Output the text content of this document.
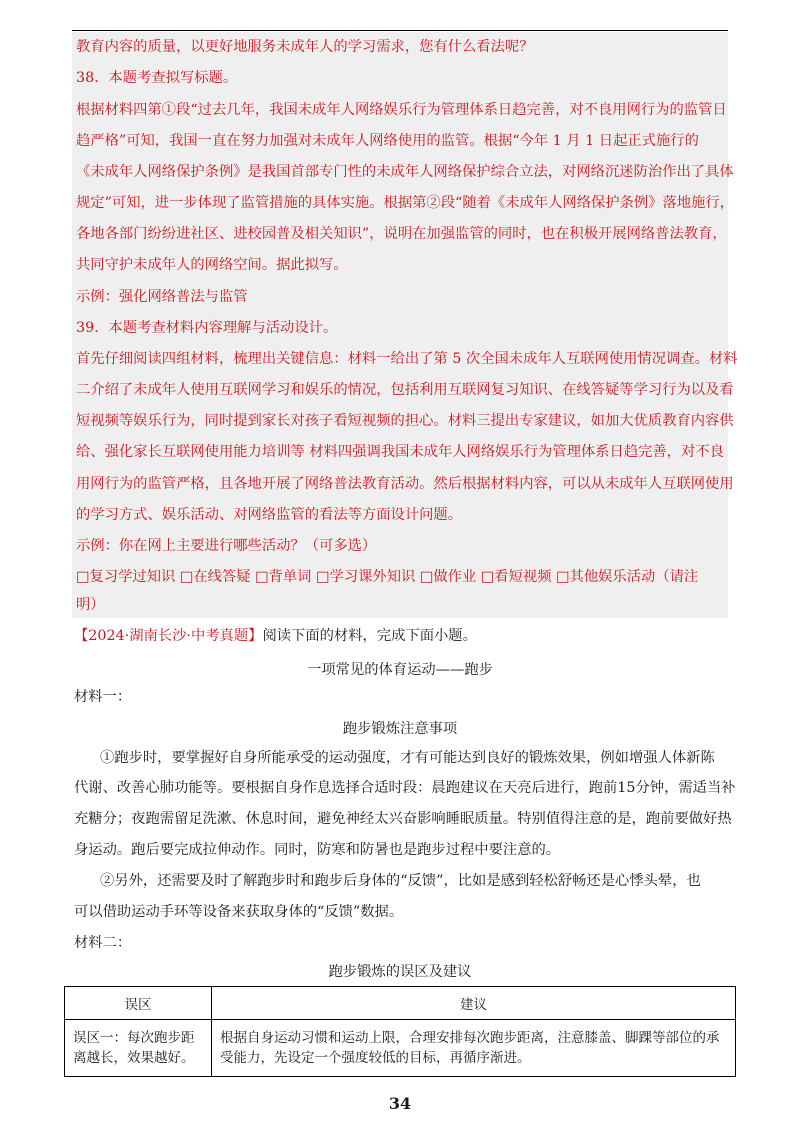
教育内容的质量，以更好地服务未成年人的学习需求，您有什么看法呢？
38．本题考查拟写标题。
根据材料四第①段“过去几年，我国未成年人网络娱乐行为管理体系日趋完善，对不良用网行为的监管日
趋严格”可知，我国一直在努力加强对未成年人网络使用的监管。根据“今年 1 月 1 日起正式施行的
《未成年人网络保护条例》是我国首部专门性的未成年人网络保护综合立法，对网络沉迷防治作出了具体
规定”可知，进一步体现了监管措施的具体实施。根据第②段“随着《未成年人网络保护条例》落地施行，
各地各部门纷纷进社区、进校园普及相关知识”，说明在加强监管的同时，也在积极开展网络普法教育，
共同守护未成年人的网络空间。据此拟写。
示例：强化网络普法与监管
39．本题考查材料内容理解与活动设计。
首先仔细阅读四组材料，梳理出关键信息：材料一给出了第 5 次全国未成年人互联网使用情况调查。材料
二介绍了未成年人使用互联网学习和娱乐的情况，包括利用互联网复习知识、在线答疑等学习行为以及看
短视频等娱乐行为，同时提到家长对孩子看短视频的担心。材料三提出专家建议，如加大优质教育内容供
给、强化家长互联网使用能力培训等 材料四强调我国未成年人网络娱乐行为管理体系日趋完善，对不良
用网行为的监管严格，且各地开展了网络普法教育活动。然后根据材料内容，可以从未成年人互联网使用
的学习方式、娱乐活动、对网络监管的看法等方面设计问题。
示例：你在网上主要进行哪些活动？（可多选）
□复习学过知识 □在线答疑 □背单词 □学习课外知识 □做作业 □看短视频 □其他娱乐活动（请注
明）
【2024·湖南长沙·中考真题】阅读下面的材料，完成下面小题。
一项常见的体育运动——跑步
材料一：
跑步锻炼注意事项
①跑步时，要掌握好自身所能承受的运动强度，才有可能达到良好的锻炼效果，例如增强人体新陈
代谢、改善心肺功能等。要根据自身作息选择合适时段：晨跑建议在天亮后进行，跑前15分钟，需适当补
充糖分；夜跑需留足洗漱、休息时间，避免神经太兴奋影响睡眠质量。特别值得注意的是，跑前要做好热
身运动。跑后要完成拉伸动作。同时，防寒和防暑也是跑步过程中要注意的。
②另外，还需要及时了解跑步时和跑步后身体的“反馈”，比如是感到轻松舒畅还是心悸头晕，也
可以借助运动手环等设备来获取身体的“反馈”数据。
材料二：
跑步锻炼的误区及建议
误区	建议
误区一：每次跑步距离越长，效果越好。	根据自身运动习惯和运动上限，合理安排每次跑步距离，注意膝盖、脚踝等部位的承受能力，先设定一个强度较低的目标，再循序渐进。
34
